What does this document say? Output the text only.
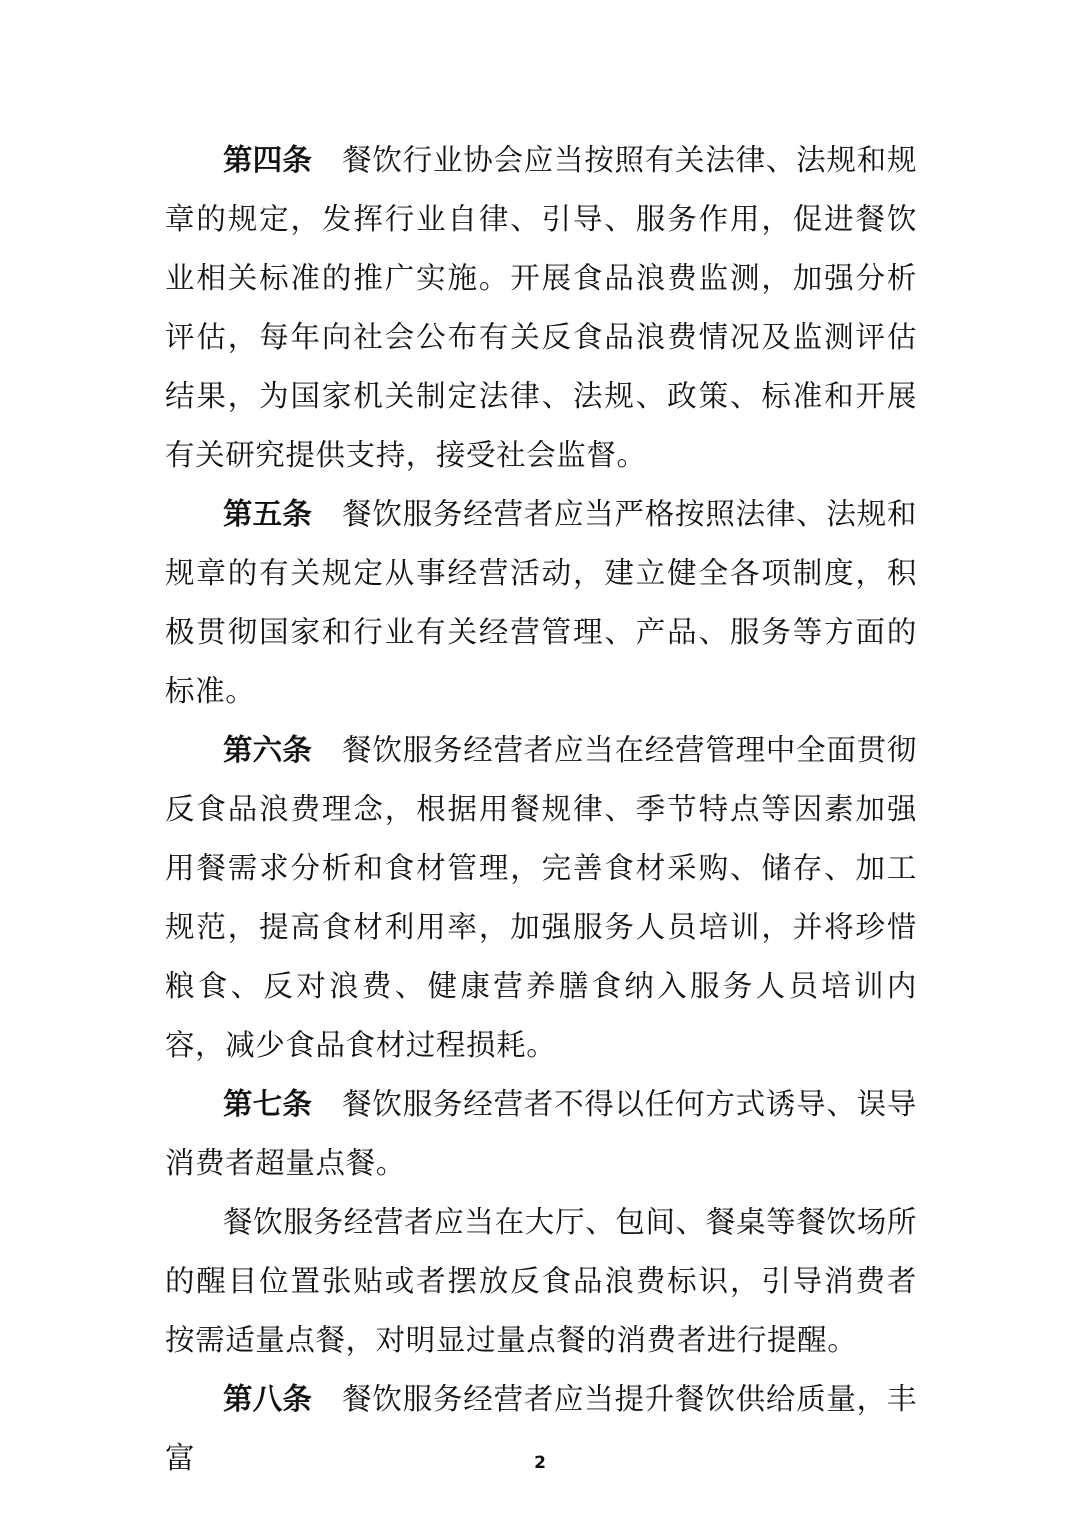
第四条 餐饮行业协会应当按照有关法律、法规和规章的规定，发挥行业自律、引导、服务作用，促进餐饮业相关标准的推广实施。开展食品浪费监测，加强分析评估，每年向社会公布有关反食品浪费情况及监测评估结果，为国家机关制定法律、法规、政策、标准和开展有关研究提供支持，接受社会监督。

第五条 餐饮服务经营者应当严格按照法律、法规和规章的有关规定从事经营活动，建立健全各项制度，积极贯彻国家和行业有关经营管理、产品、服务等方面的标准。

第六条 餐饮服务经营者应当在经营管理中全面贯彻反食品浪费理念，根据用餐规律、季节特点等因素加强用餐需求分析和食材管理，完善食材采购、储存、加工规范，提高食材利用率，加强服务人员培训，并将珍惜粮食、反对浪费、健康营养膳食纳入服务人员培训内容，减少食品食材过程损耗。

第七条 餐饮服务经营者不得以任何方式诱导、误导消费者超量点餐。

餐饮服务经营者应当在大厅、包间、餐桌等餐饮场所的醒目位置张贴或者摆放反食品浪费标识，引导消费者按需适量点餐，对明显过量点餐的消费者进行提醒。

第八条 餐饮服务经营者应当提升餐饮供给质量，丰富	2
